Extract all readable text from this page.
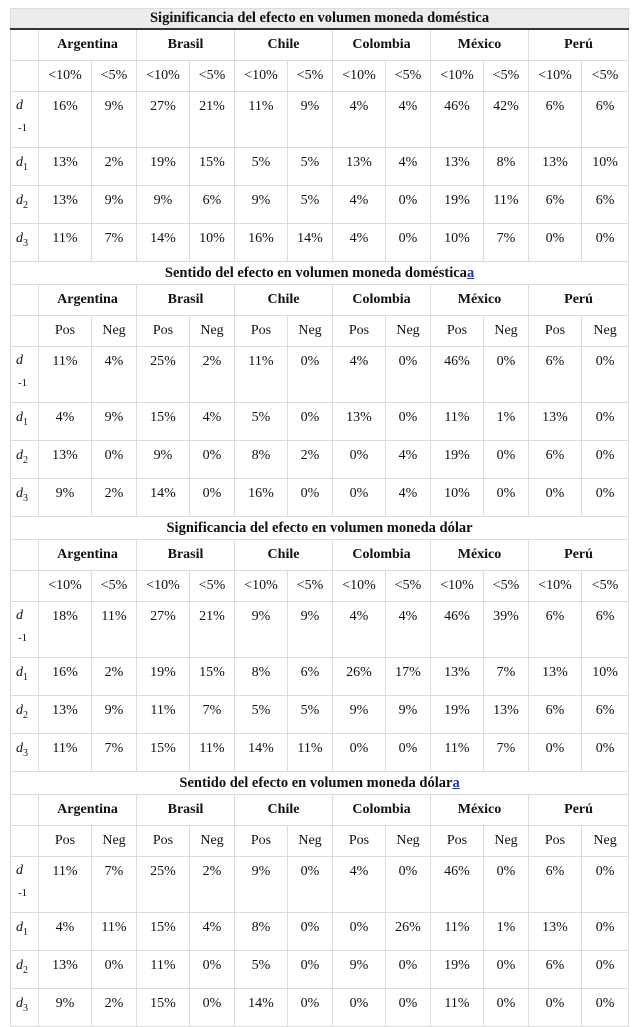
Siginificancia del efecto en volumen moneda doméstica												
	Argentina		Brasil		Chile		Colombia		México		Perú	
	<10%	<5%	<10%	<5%	<10%	<5%	<10%	<5%	<10%	<5%	<10%	<5%
d
-1	16%	9%	27%	21%	11%	9%	4%	4%	46%	42%	6%	6%
$d_1$	13%	2%	19%	15%	5%	5%	13%	4%	13%	8%	13%	10%
$d_2$	13%	9%	9%	6%	9%	5%	4%	0%	19%	11%	6%	6%
$d_3$	11%	7%	14%	10%	16%	14%	4%	0%	10%	7%	0%	0%
Sentido del efecto en volumen moneda domésticaa												
	Argentina		Brasil		Chile		Colombia		México		Perú	
	Pos	Neg	Pos	Neg	Pos	Neg	Pos	Neg	Pos	Neg	Pos	Neg
d
-1	11%	4%	25%	2%	11%	0%	4%	0%	46%	0%	6%	0%
$d_1$	4%	9%	15%	4%	5%	0%	13%	0%	11%	1%	13%	0%
$d_2$	13%	0%	9%	0%	8%	2%	0%	4%	19%	0%	6%	0%
$d_3$	9%	2%	14%	0%	16%	0%	0%	4%	10%	0%	0%	0%
Significancia del efecto en volumen moneda dólar												
	Argentina		Brasil		Chile		Colombia		México		Perú	
	<10%	<5%	<10%	<5%	<10%	<5%	<10%	<5%	<10%	<5%	<10%	<5%
d
-1	18%	11%	27%	21%	9%	9%	4%	4%	46%	39%	6%	6%
$d_1$	16%	2%	19%	15%	8%	6%	26%	17%	13%	7%	13%	10%
$d_2$	13%	9%	11%	7%	5%	5%	9%	9%	19%	13%	6%	6%
$d_3$	11%	7%	15%	11%	14%	11%	0%	0%	11%	7%	0%	0%
Sentido del efecto en volumen moneda dólara												
	Argentina		Brasil		Chile		Colombia		México		Perú	
	Pos	Neg	Pos	Neg	Pos	Neg	Pos	Neg	Pos	Neg	Pos	Neg
d
-1	11%	7%	25%	2%	9%	0%	4%	0%	46%	0%	6%	0%
$d_1$	4%	11%	15%	4%	8%	0%	0%	26%	11%	1%	13%	0%
$d_2$	13%	0%	11%	0%	5%	0%	9%	0%	19%	0%	6%	0%
$d_3$	9%	2%	15%	0%	14%	0%	0%	0%	11%	0%	0%	0%
